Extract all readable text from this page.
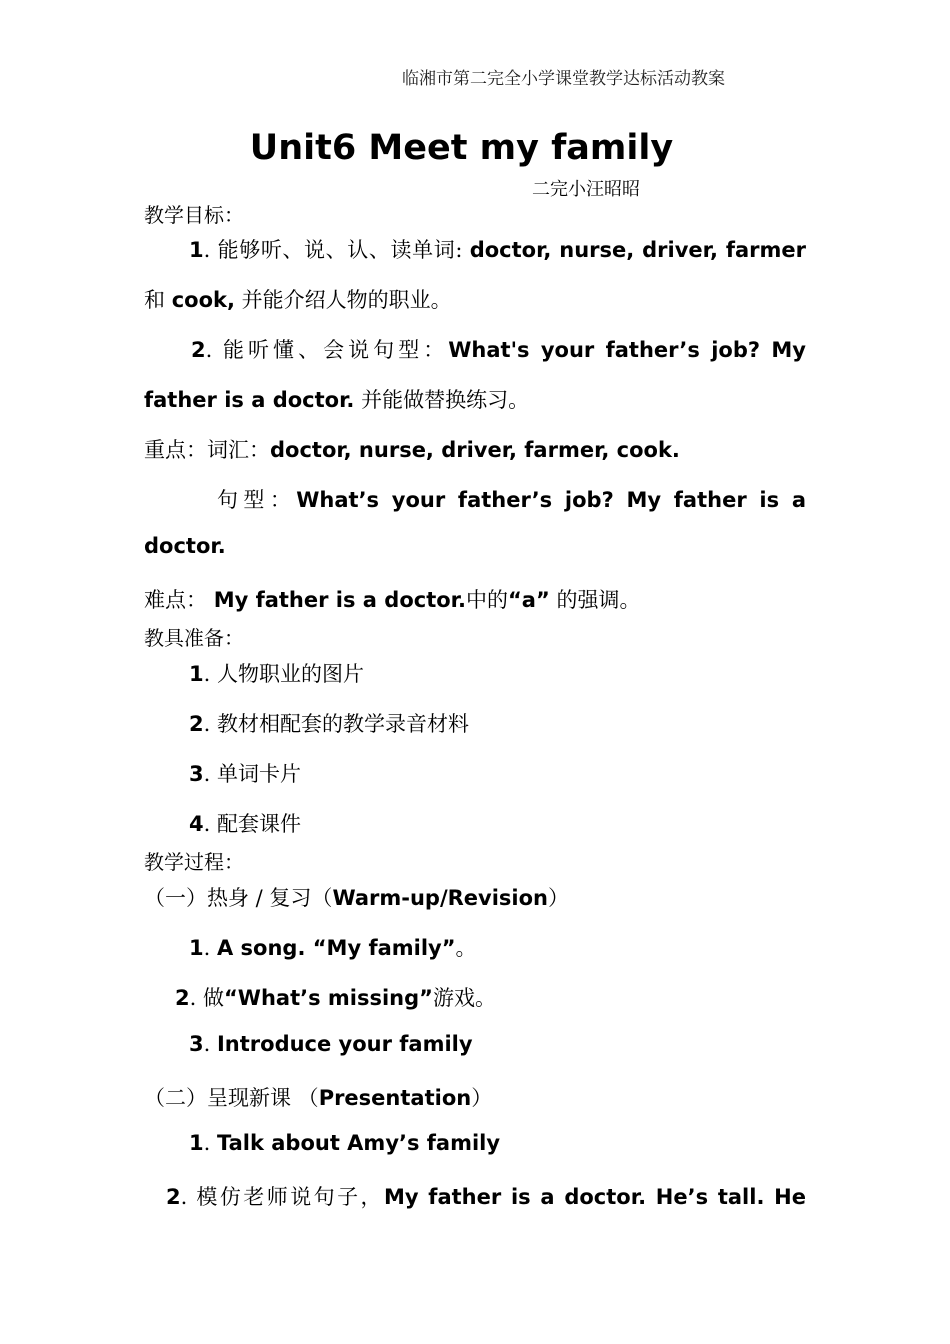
临湘市第二完全小学课堂教学达标活动教案
Unit6 Meet my family
二完小汪昭昭
教学目标：
1. 能够听、说、认、读单词: doctor, nurse, driver, farmer
和 cook, 并能介绍人物的职业。
2. 能听懂、会说句型：What's your father’s job? My
father is a doctor. 并能做替换练习。
重点：词汇：doctor, nurse, driver, farmer, cook.
句型：What’s your father’s job? My father is a
doctor.
难点： My father is a doctor.中的“a” 的强调。
教具准备：
1. 人物职业的图片
2. 教材相配套的教学录音材料
3. 单词卡片
4. 配套课件
教学过程：
（一）热身 / 复习（Warm-up/Revision）
1. A song. “My family”。
2. 做“What’s missing”游戏。
3. Introduce your family
（二）呈现新课 （Presentation）
1. Talk about Amy’s family
2. 模仿老师说句子，My father is a doctor. He’s tall. He
